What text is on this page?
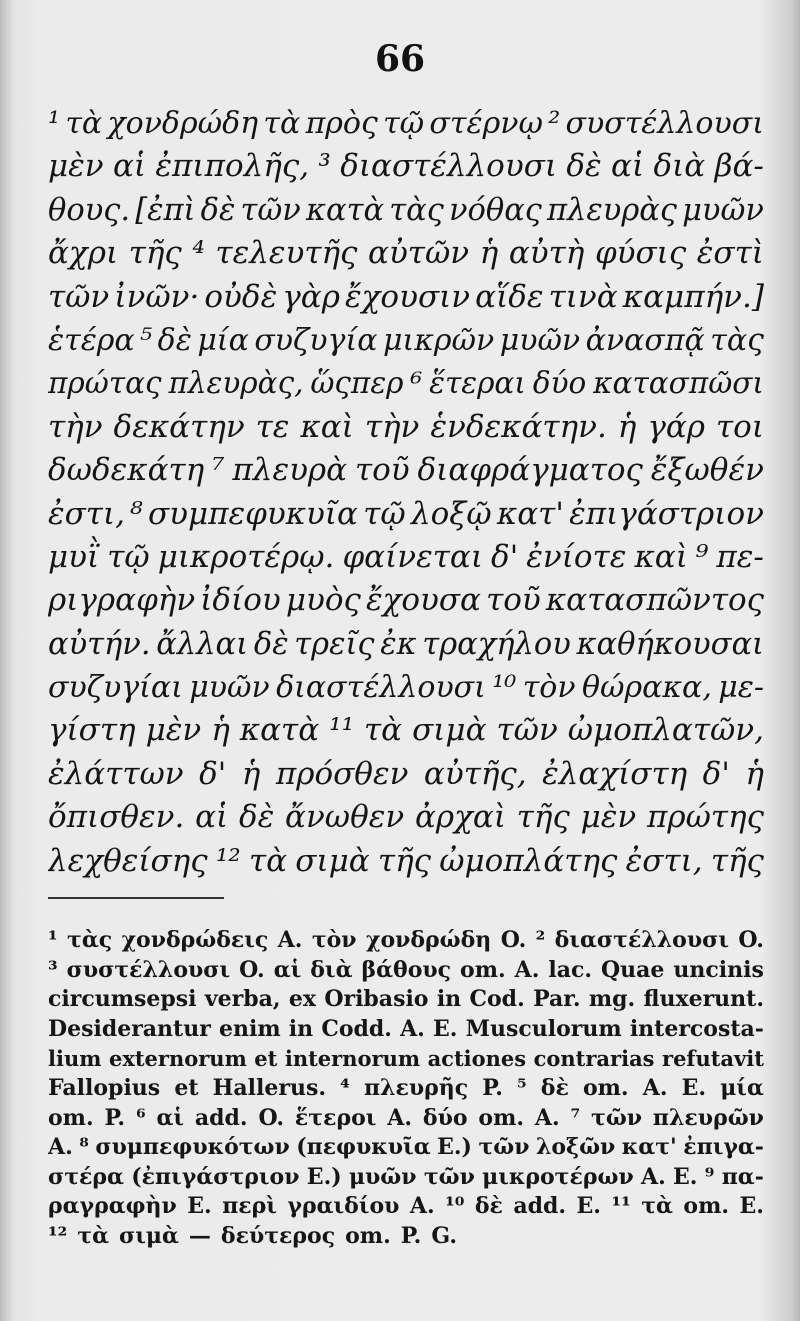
66
¹ τὰ χονδρώδη τὰ πρὸς τῷ στέρνῳ ² συστέλλουσι
μὲν αἱ ἐπιπολῆς, ³ διαστέλλουσι δὲ αἱ διὰ βά-
θους. [ἐπὶ δὲ τῶν κατὰ τὰς νόθας πλευρὰς μυῶν
ἄχρι τῆς ⁴ τελευτῆς αὐτῶν ἡ αὐτὴ φύσις ἐστὶ
τῶν ἰνῶν· οὐδὲ γὰρ ἔχουσιν αἵδε τινὰ καμπήν.]
ἑτέρα ⁵ δὲ μία συζυγία μικρῶν μυῶν ἀνασπᾷ τὰς
πρώτας πλευρὰς, ὥςπερ ⁶ ἕτεραι δύο κατασπῶσι
τὴν δεκάτην τε καὶ τὴν ἑνδεκάτην. ἡ γάρ τοι
δωδεκάτη ⁷ πλευρὰ τοῦ διαφράγματος ἔξωθέν
ἐστι, ⁸ συμπεφυκυῖα τῷ λοξῷ κατ' ἐπιγάστριον
μυῒ τῷ μικροτέρῳ. φαίνεται δ' ἐνίοτε καὶ ⁹ πε-
ριγραφὴν ἰδίου μυὸς ἔχουσα τοῦ κατασπῶντος
αὐτήν. ἄλλαι δὲ τρεῖς ἐκ τραχήλου καθήκουσαι
συζυγίαι μυῶν διαστέλλουσι ¹⁰ τὸν θώρακα, με-
γίστη μὲν ἡ κατὰ ¹¹ τὰ σιμὰ τῶν ὠμοπλατῶν,
ἐλάττων δ' ἡ πρόσθεν αὐτῆς, ἐλαχίστη δ' ἡ
ὄπισθεν. αἱ δὲ ἄνωθεν ἀρχαὶ τῆς μὲν πρώτης
λεχθείσης ¹² τὰ σιμὰ τῆς ὠμοπλάτης ἐστι, τῆς
¹ τὰς χονδρώδεις A. τὸν χονδρώδη O. ² διαστέλλουσι O.
³ συστέλλουσι O. αἱ διὰ βάθους om. A. lac. Quae uncinis
circumsepsi verba, ex Oribasio in Cod. Par. mg. fluxerunt.
Desiderantur enim in Codd. A. E. Musculorum intercosta-
lium externorum et internorum actiones contrarias refutavit
Fallopius et Hallerus. ⁴ πλευρῆς P. ⁵ δὲ om. A. E. μία
om. P. ⁶ αἱ add. O. ἕτεροι A. δύο om. A. ⁷ τῶν πλευρῶν
A. ⁸ συμπεφυκότων (πεφυκυῖα E.) τῶν λοξῶν κατ' ἐπιγα-
στέρα (ἐπιγάστριον E.) μυῶν τῶν μικροτέρων A. E. ⁹ πα-
ραγραφὴν E. περὶ γραιδίου A. ¹⁰ δὲ add. E. ¹¹ τὰ om. E.
¹² τὰ σιμὰ — δεύτερος om. P. G.
